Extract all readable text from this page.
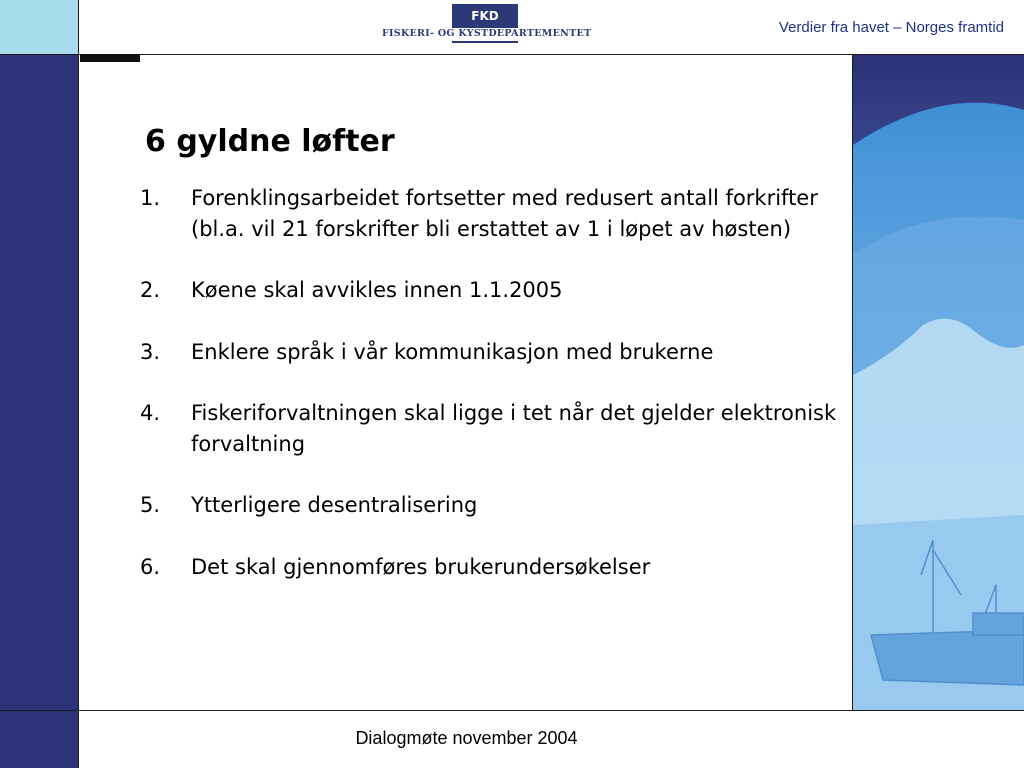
FKD
FISKERI- OG KYSTDEPARTEMENTET	Verdier fra havet – Norges framtid
6 gyldne løfter
1. Forenklingsarbeidet fortsetter med redusert antall forkrifter (bl.a. vil 21 forskrifter bli erstattet av 1 i løpet av høsten)
2. Køene skal avvikles innen 1.1.2005
3. Enklere språk i vår kommunikasjon med brukerne
4. Fiskeriforvaltningen skal ligge i tet når det gjelder elektronisk forvaltning
5. Ytterligere desentralisering
6. Det skal gjennomføres brukerundersøkelser
Dialogmøte november 2004
